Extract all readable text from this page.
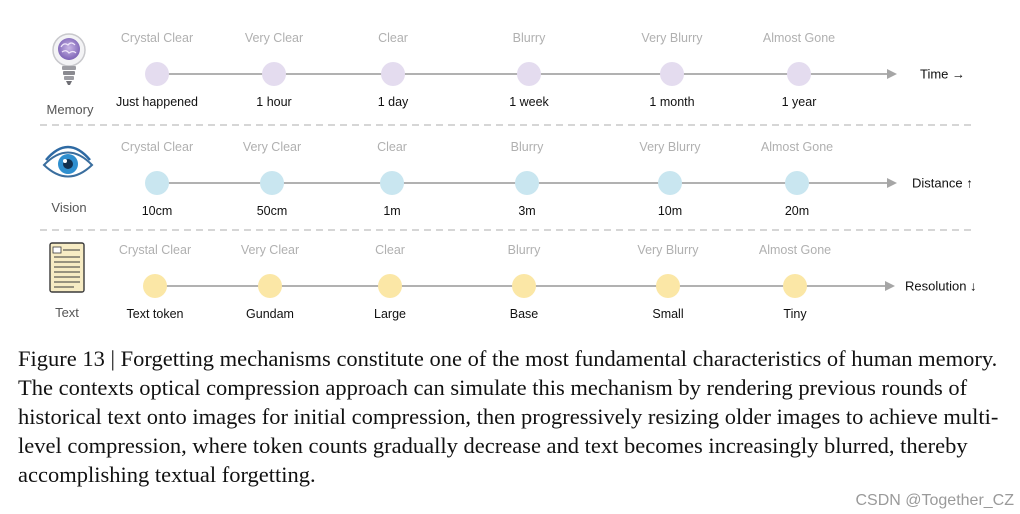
Memory
Vision
Text
Time →
Crystal Clear
Just happened
Very Clear
1 hour
Clear
1 day
Blurry
1 week
Very Blurry
1 month
Almost Gone
1 year
Distance ↑
Crystal Clear
10cm
Very Clear
50cm
Clear
1m
Blurry
3m
Very Blurry
10m
Almost Gone
20m
Resolution ↓
Crystal Clear
Text token
Very Clear
Gundam
Clear
Large
Blurry
Base
Very Blurry
Small
Almost Gone
Tiny

Figure 13 | Forgetting mechanisms constitute one of the most fundamental characteristics of human memory. The contexts optical compression approach can simulate this mechanism by rendering previous rounds of historical text onto images for initial compression, then progressively resizing older images to achieve multi-level compression, where token counts gradually decrease and text becomes increasingly blurred, thereby accomplishing textual forgetting.

CSDN @Together_CZ
